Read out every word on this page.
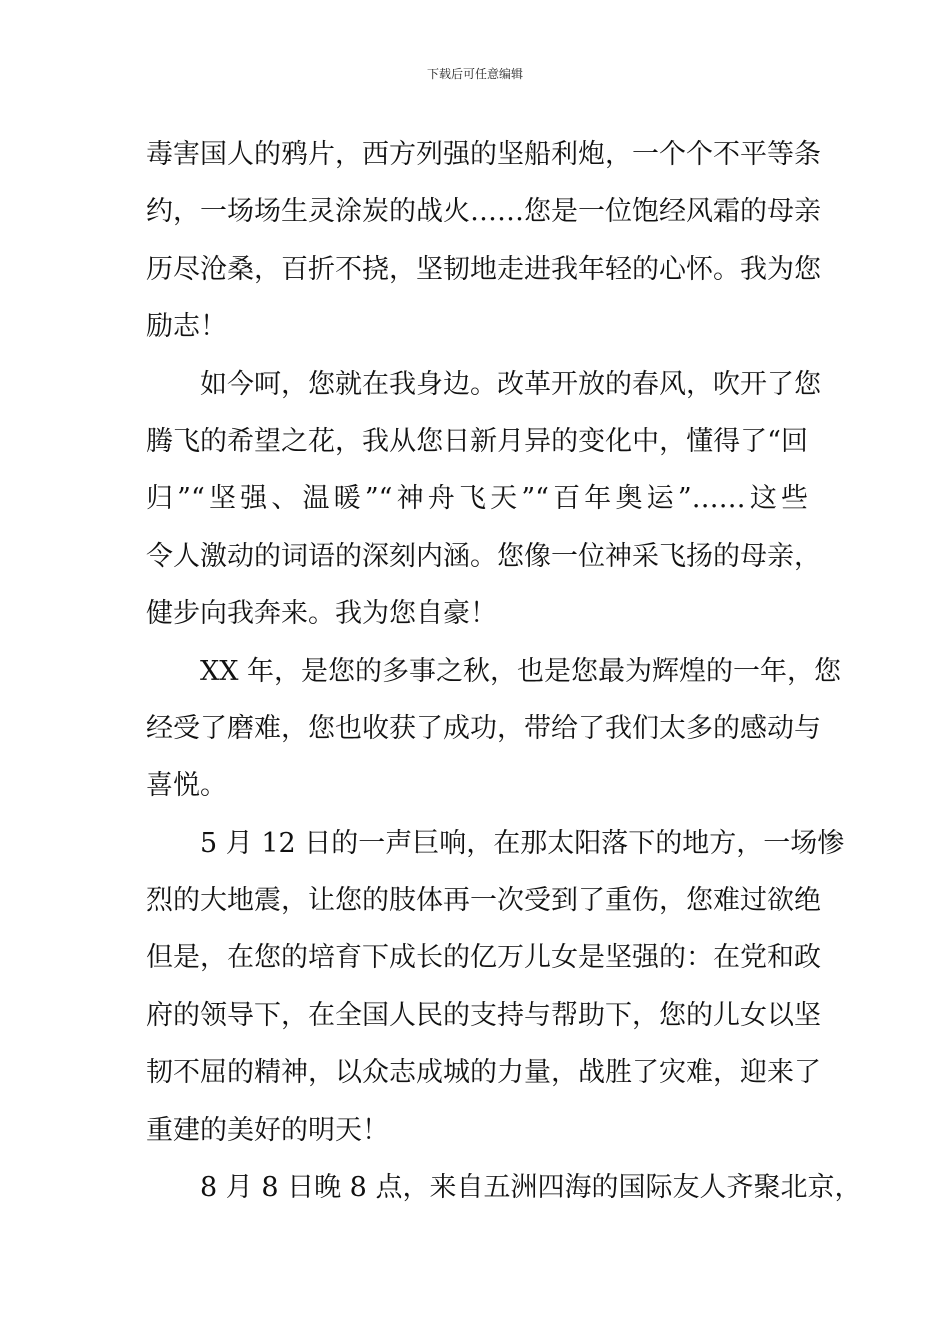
下载后可任意编辑
毒害国人的鸦片，西方列强的坚船利炮，一个个不平等条
约，一场场生灵涂炭的战火……您是一位饱经风霜的母亲
历尽沧桑，百折不挠，坚韧地走进我年轻的心怀。我为您
励志！
如今呵，您就在我身边。改革开放的春风，吹开了您
腾飞的希望之花，我从您日新月异的变化中，懂得了“回
归”“坚强、温暖”“神舟飞天”“百年奥运”……这些
令人激动的词语的深刻内涵。您像一位神采飞扬的母亲，
健步向我奔来。我为您自豪！
XX 年，是您的多事之秋，也是您最为辉煌的一年，您
经受了磨难，您也收获了成功，带给了我们太多的感动与
喜悦。
5 月 12 日的一声巨响，在那太阳落下的地方，一场惨
烈的大地震，让您的肢体再一次受到了重伤，您难过欲绝
但是，在您的培育下成长的亿万儿女是坚强的：在党和政
府的领导下，在全国人民的支持与帮助下，您的儿女以坚
韧不屈的精神，以众志成城的力量，战胜了灾难，迎来了
重建的美好的明天！
8 月 8 日晚 8 点，来自五洲四海的国际友人齐聚北京，
